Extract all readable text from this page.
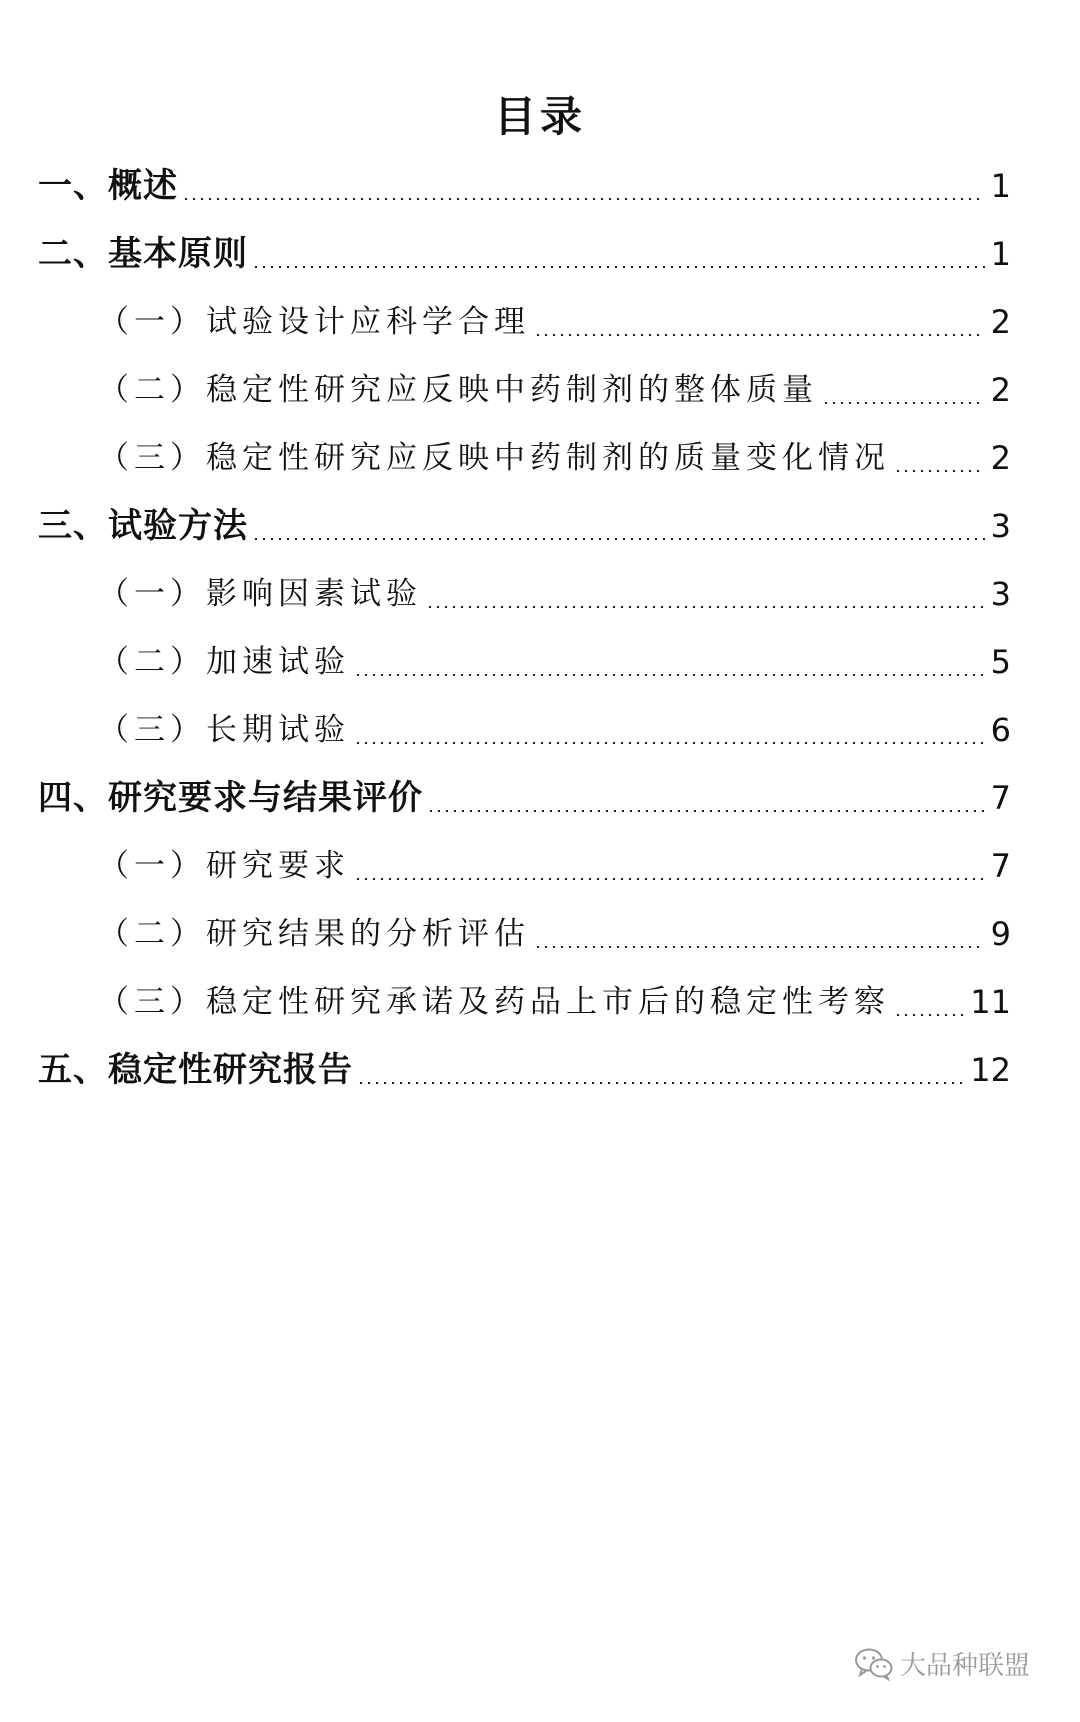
目录
一、概述	1
二、基本原则	1
（一）试验设计应科学合理	2
（二）稳定性研究应反映中药制剂的整体质量	2
（三）稳定性研究应反映中药制剂的质量变化情况	2
三、试验方法	3
（一）影响因素试验	3
（二）加速试验	5
（三）长期试验	6
四、研究要求与结果评价	7
（一）研究要求	7
（二）研究结果的分析评估	9
（三）稳定性研究承诺及药品上市后的稳定性考察	11
五、稳定性研究报告	12
大品种联盟
